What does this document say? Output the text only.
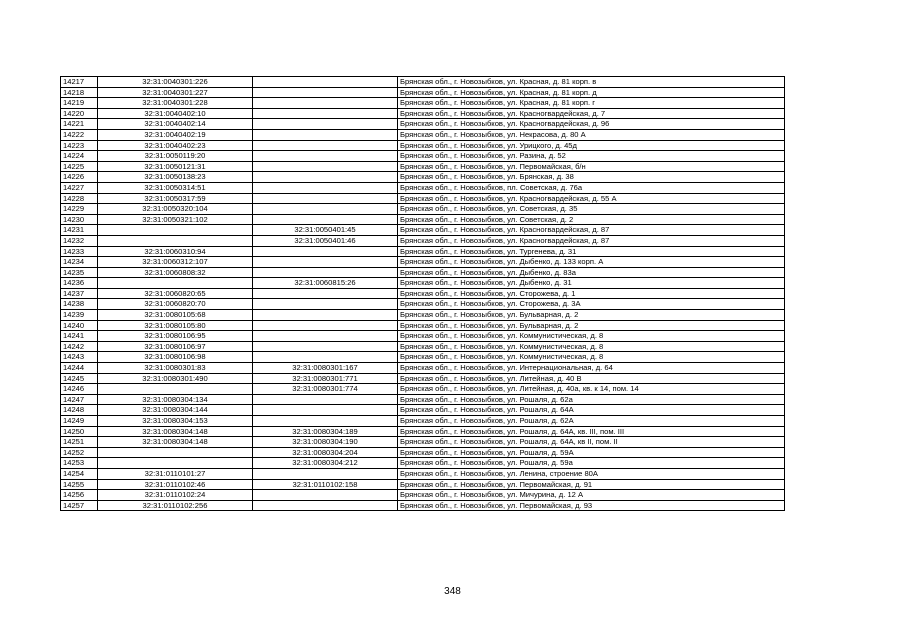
14217	32:31:0040301:226		Брянская обл., г. Новозыбков, ул. Красная, д. 81 корп. в
14218	32:31:0040301:227		Брянская обл., г. Новозыбков, ул. Красная, д. 81 корп. д
14219	32:31:0040301:228		Брянская обл., г. Новозыбков, ул. Красная, д. 81 корп. г
14220	32:31:0040402:10		Брянская обл., г. Новозыбков, ул. Красногвардейская, д. 7
14221	32:31:0040402:14		Брянская обл., г. Новозыбков, ул. Красногвардейская, д. 96
14222	32:31:0040402:19		Брянская обл., г. Новозыбков, ул. Некрасова, д. 80 А
14223	32:31:0040402:23		Брянская обл., г. Новозыбков, ул. Урицкого, д. 45д
14224	32:31:0050119:20		Брянская обл., г. Новозыбков, ул. Разина, д. 52
14225	32:31:0050121:31		Брянская обл., г. Новозыбков, ул. Первомайская, б/н
14226	32:31:0050138:23		Брянская обл., г. Новозыбков, ул. Брянская, д. 38
14227	32:31:0050314:51		Брянская обл., г. Новозыбков, пл. Советская, д. 76а
14228	32:31:0050317:59		Брянская обл., г. Новозыбков, ул. Красногвардейская, д. 55 А
14229	32:31:0050320:104		Брянская обл., г. Новозыбков, ул. Советская, д. 35
14230	32:31:0050321:102		Брянская обл., г. Новозыбков, ул. Советская, д. 2
14231		32:31:0050401:45	Брянская обл., г. Новозыбков, ул. Красногвардейская, д. 87
14232		32:31:0050401:46	Брянская обл., г. Новозыбков, ул. Красногвардейская, д. 87
14233	32:31:0060310:94		Брянская обл., г. Новозыбков, ул. Тургенева, д. 31
14234	32:31:0060312:107		Брянская обл., г. Новозыбков, ул. Дыбенко, д. 133 корп. А
14235	32:31:0060808:32		Брянская обл., г. Новозыбков, ул. Дыбенко, д. 83а
14236		32:31:0060815:26	Брянская обл., г. Новозыбков, ул. Дыбенко, д. 31
14237	32:31:0060820:65		Брянская обл., г. Новозыбков, ул. Сторожева, д. 1
14238	32:31:0060820:70		Брянская обл., г. Новозыбков, ул. Сторожева, д. 3А
14239	32:31:0080105:68		Брянская обл., г. Новозыбков, ул. Бульварная, д. 2
14240	32:31:0080105:80		Брянская обл., г. Новозыбков, ул. Бульварная, д. 2
14241	32:31:0080106:95		Брянская обл., г. Новозыбков, ул. Коммунистическая, д. 8
14242	32:31:0080106:97		Брянская обл., г. Новозыбков, ул. Коммунистическая, д. 8
14243	32:31:0080106:98		Брянская обл., г. Новозыбков, ул. Коммунистическая, д. 8
14244	32:31:0080301:83	32:31:0080301:167	Брянская обл., г. Новозыбков, ул. Интернациональная, д. 64
14245	32:31:0080301:490	32:31:0080301:771	Брянская обл., г. Новозыбков, ул. Литейная, д. 40 В
14246		32:31:0080301:774	Брянская обл., г. Новозыбков, ул. Литейная, д. 40а, кв. к 14, пом. 14
14247	32:31:0080304:134		Брянская обл., г. Новозыбков, ул. Рошаля, д. 62а
14248	32:31:0080304:144		Брянская обл., г. Новозыбков, ул. Рошаля, д. 64А
14249	32:31:0080304:153		Брянская обл., г. Новозыбков, ул. Рошаля, д. 62А
14250	32:31:0080304:148	32:31:0080304:189	Брянская обл., г. Новозыбков, ул. Рошаля, д. 64А, кв. III, пом. III
14251	32:31:0080304:148	32:31:0080304:190	Брянская обл., г. Новозыбков, ул. Рошаля, д. 64А, кв II, пом. II
14252		32:31:0080304:204	Брянская обл., г. Новозыбков, ул. Рошаля, д. 59А
14253		32:31:0080304:212	Брянская обл., г. Новозыбков, ул. Рошаля, д. 59а
14254	32:31:0110101:27		Брянская обл., г. Новозыбков, ул. Ленина, строение 80А
14255	32:31:0110102:46	32:31:0110102:158	Брянская обл., г. Новозыбков, ул. Первомайская, д. 91
14256	32:31:0110102:24		Брянская обл., г. Новозыбков, ул. Мичурина, д. 12 А
14257	32:31:0110102:256		Брянская обл., г. Новозыбков, ул. Первомайская, д. 93
348
